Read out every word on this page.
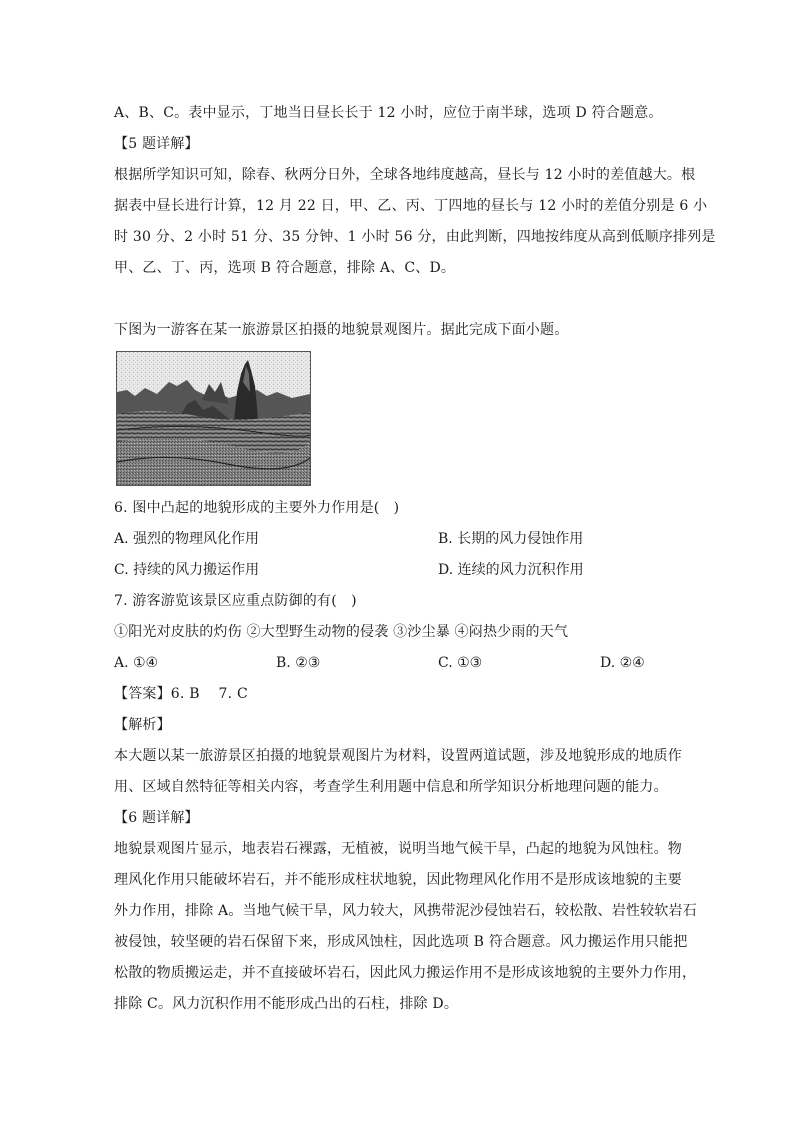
A、B、C。表中显示，丁地当日昼长长于 12 小时，应位于南半球，选项 D 符合题意。
【5 题详解】
根据所学知识可知，除春、秋两分日外，全球各地纬度越高，昼长与 12 小时的差值越大。根
据表中昼长进行计算，12 月 22 日，甲、乙、丙、丁四地的昼长与 12 小时的差值分别是 6 小
时 30 分、2 小时 51 分、35 分钟、1 小时 56 分，由此判断，四地按纬度从高到低顺序排列是
甲、乙、丁、丙，选项 B 符合题意，排除 A、C、D。
下图为一游客在某一旅游景区拍摄的地貌景观图片。据此完成下面小题。
6. 图中凸起的地貌形成的主要外力作用是(　)
A. 强烈的物理风化作用	B. 长期的风力侵蚀作用
C. 持续的风力搬运作用	D. 连续的风力沉积作用
7. 游客游览该景区应重点防御的有(　)
①阳光对皮肤的灼伤 ②大型野生动物的侵袭 ③沙尘暴 ④闷热少雨的天气
A. ①④	B. ②③	C. ①③	D. ②④
【答案】6. B　 7. C
【解析】
本大题以某一旅游景区拍摄的地貌景观图片为材料，设置两道试题，涉及地貌形成的地质作
用、区域自然特征等相关内容，考查学生利用题中信息和所学知识分析地理问题的能力。
【6 题详解】
地貌景观图片显示，地表岩石裸露，无植被，说明当地气候干旱，凸起的地貌为风蚀柱。物
理风化作用只能破坏岩石，并不能形成柱状地貌，因此物理风化作用不是形成该地貌的主要
外力作用，排除 A。当地气候干旱，风力较大，风携带泥沙侵蚀岩石，较松散、岩性较软岩石
被侵蚀，较坚硬的岩石保留下来，形成风蚀柱，因此选项 B 符合题意。风力搬运作用只能把
松散的物质搬运走，并不直接破坏岩石，因此风力搬运作用不是形成该地貌的主要外力作用，
排除 C。风力沉积作用不能形成凸出的石柱，排除 D。
